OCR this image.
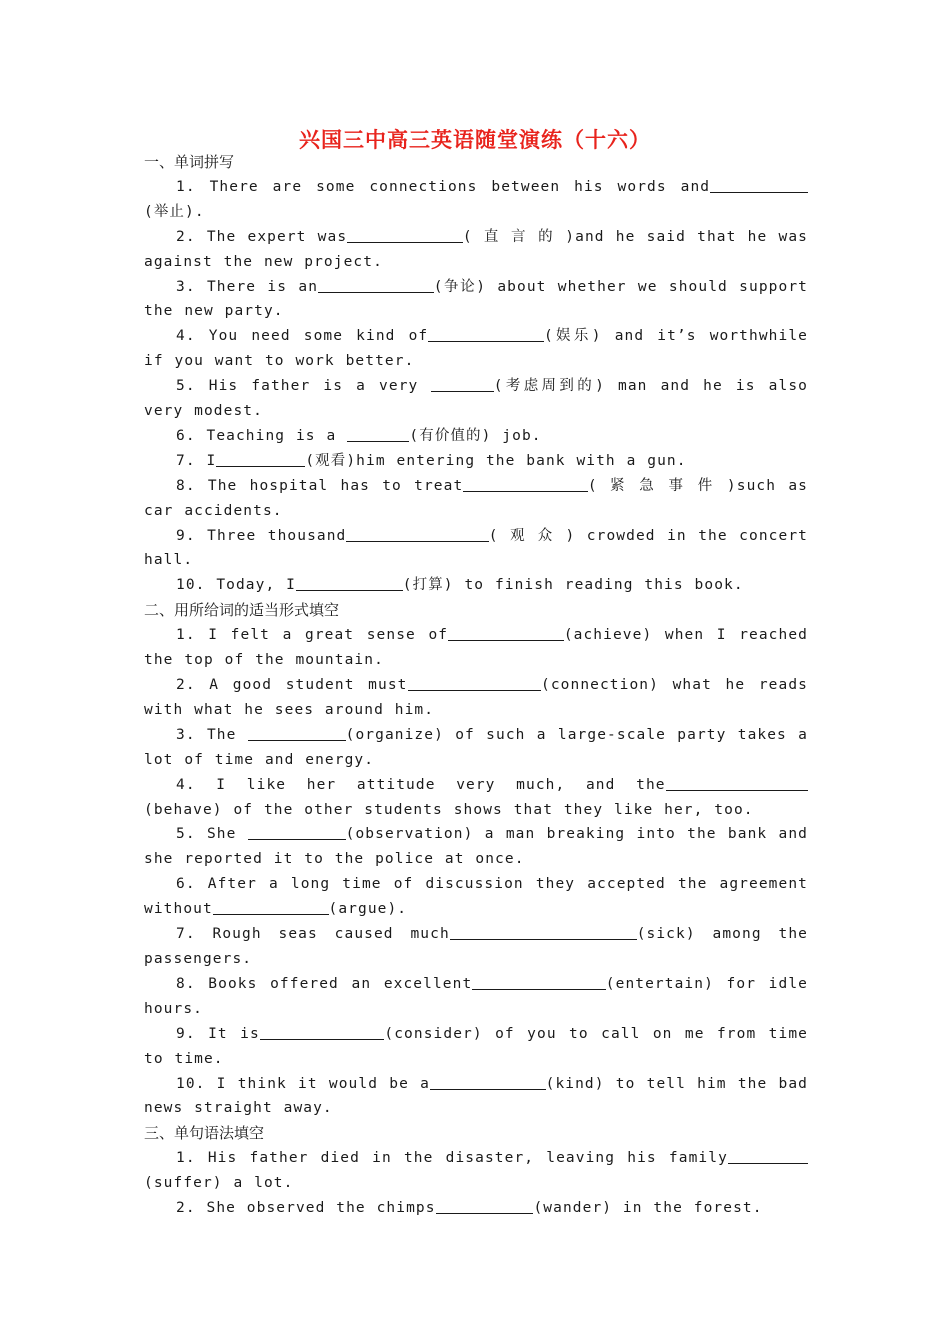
兴国三中高三英语随堂演练（十六）
一、单词拼写
1. There are some connections between his words and(举止).
2. The expert was	( 直 言 的 )and he said that he was against the new project.
3. There is an	(争论) about whether we should support the new party.
4. You need some kind of	(娱乐) and it’s worthwhile if you want to work better.
5. His father is a very	(考虑周到的) man and he is also very modest.
6. Teaching is a	(有价值的) job.
7. I	(观看)him entering the bank with a gun.
8. The hospital has to treat	( 紧 急 事 件 )such as car accidents.
9. Three thousand	( 观 众 ) crowded in the concert hall.
10. Today, I	(打算) to finish reading this book.
二、用所给词的适当形式填空
1. I felt a great sense of	(achieve) when I reached the top of the mountain.
2. A good student must	(connection) what he reads with what he sees around him.
3. The	(organize) of such a large-scale party takes a lot of time and energy.
4. I like her attitude very much, and the(behave) of the other students shows that they like her, too.
5. She	(observation) a man breaking into the bank and she reported it to the police at once.
6. After a long time of discussion they accepted the agreement without	(argue).
7. Rough seas caused much	(sick) among the passengers.
8. Books offered an excellent	(entertain) for idle hours.
9. It is	(consider) of you to call on me from time to time.
10. I think it would be a	(kind) to tell him the bad news straight away.
三、单句语法填空
1. His father died in the disaster, leaving his family(suffer) a lot.
2. She observed the chimps	(wander) in the forest.
